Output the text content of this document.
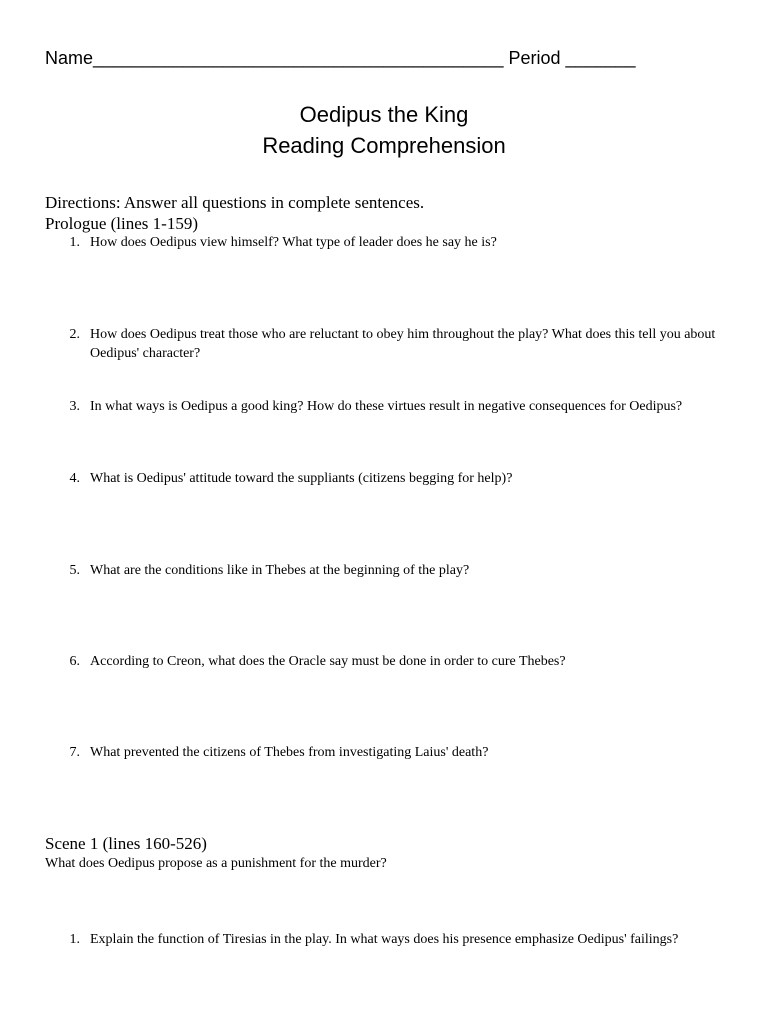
Name_________________________________________ Period _______
Oedipus the King
Reading Comprehension
Directions: Answer all questions in complete sentences.
Prologue (lines 1-159)
1. How does Oedipus view himself? What type of leader does he say he is?
2. How does Oedipus treat those who are reluctant to obey him throughout the play? What does this tell you about Oedipus' character?
3. In what ways is Oedipus a good king? How do these virtues result in negative consequences for Oedipus?
4. What is Oedipus' attitude toward the suppliants (citizens begging for help)?
5. What are the conditions like in Thebes at the beginning of the play?
6. According to Creon, what does the Oracle say must be done in order to cure Thebes?
7. What prevented the citizens of Thebes from investigating Laius' death?
Scene 1 (lines 160-526)
What does Oedipus propose as a punishment for the murder?
1. Explain the function of Tiresias in the play. In what ways does his presence emphasize Oedipus' failings?
